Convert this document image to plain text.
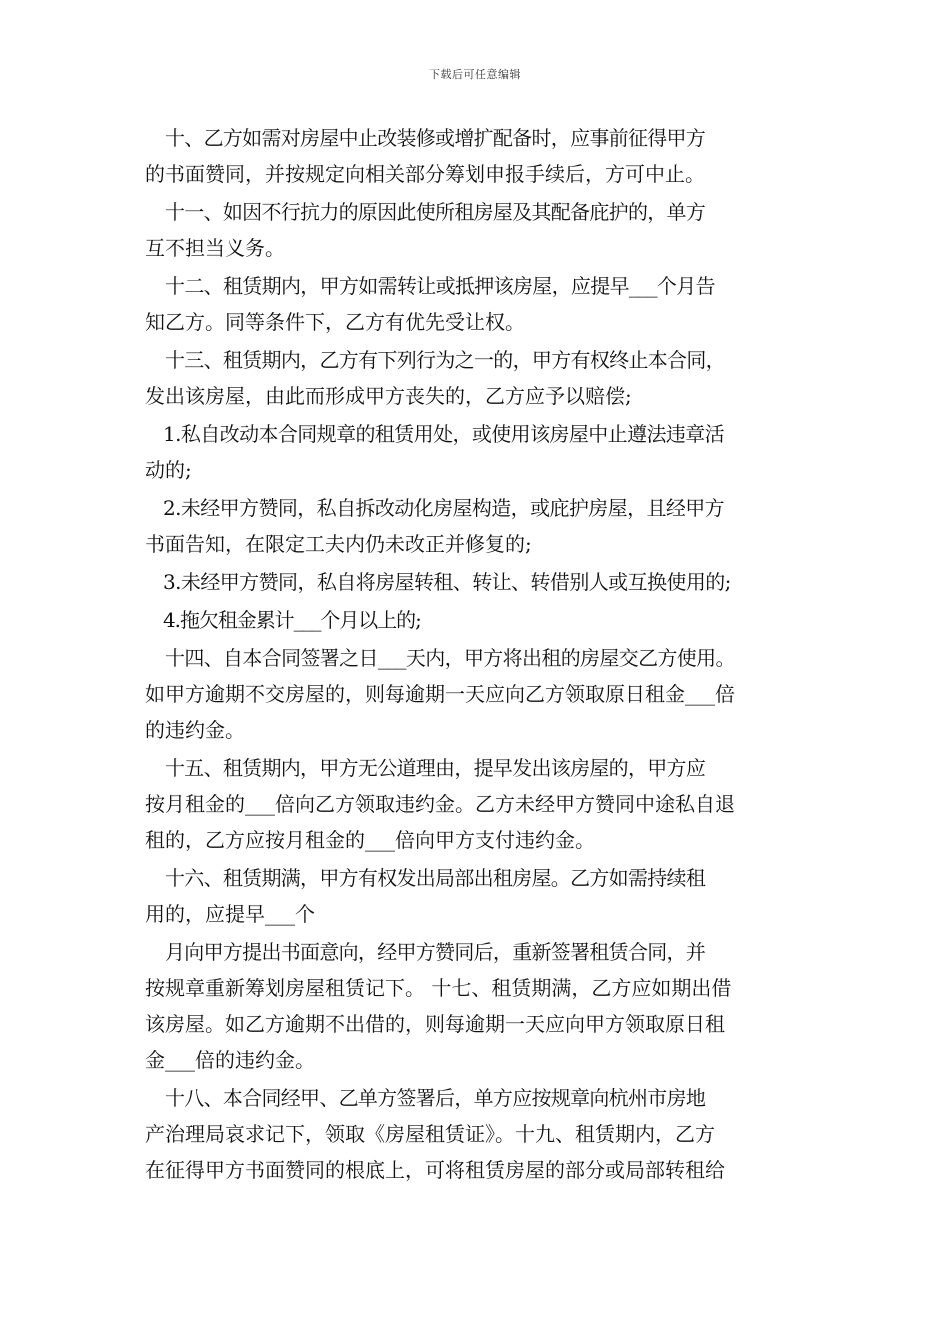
下载后可任意编辑

十、乙方如需对房屋中止改装修或增扩配备时，应事前征得甲方
的书面赞同，并按规定向相关部分筹划申报手续后，方可中止。

十一、如因不行抗力的原因此使所租房屋及其配备庇护的，单方
互不担当义务。

十二、租赁期内，甲方如需转让或抵押该房屋，应提早___个月告
知乙方。同等条件下，乙方有优先受让权。

十三、租赁期内，乙方有下列行为之一的，甲方有权终止本合同，
发出该房屋，由此而形成甲方丧失的，乙方应予以赔偿;

1.私自改动本合同规章的租赁用处，或使用该房屋中止遵法违章活
动的;

2.未经甲方赞同，私自拆改动化房屋构造，或庇护房屋，且经甲方
书面告知，在限定工夫内仍未改正并修复的;

3.未经甲方赞同，私自将房屋转租、转让、转借别人或互换使用的;

4.拖欠租金累计___个月以上的;

十四、自本合同签署之日___天内，甲方将出租的房屋交乙方使用。
如甲方逾期不交房屋的，则每逾期一天应向乙方领取原日租金___倍
的违约金。

十五、租赁期内，甲方无公道理由，提早发出该房屋的，甲方应
按月租金的___倍向乙方领取违约金。乙方未经甲方赞同中途私自退
租的，乙方应按月租金的___倍向甲方支付违约金。

十六、租赁期满，甲方有权发出局部出租房屋。乙方如需持续租
用的，应提早___个

月向甲方提出书面意向，经甲方赞同后，重新签署租赁合同，并
按规章重新筹划房屋租赁记下。 十七、租赁期满，乙方应如期出借
该房屋。如乙方逾期不出借的，则每逾期一天应向甲方领取原日租
金___倍的违约金。

十八、本合同经甲、乙单方签署后，单方应按规章向杭州市房地
产治理局哀求记下，领取《房屋租赁证》。十九、租赁期内，乙方
在征得甲方书面赞同的根底上，可将租赁房屋的部分或局部转租给
